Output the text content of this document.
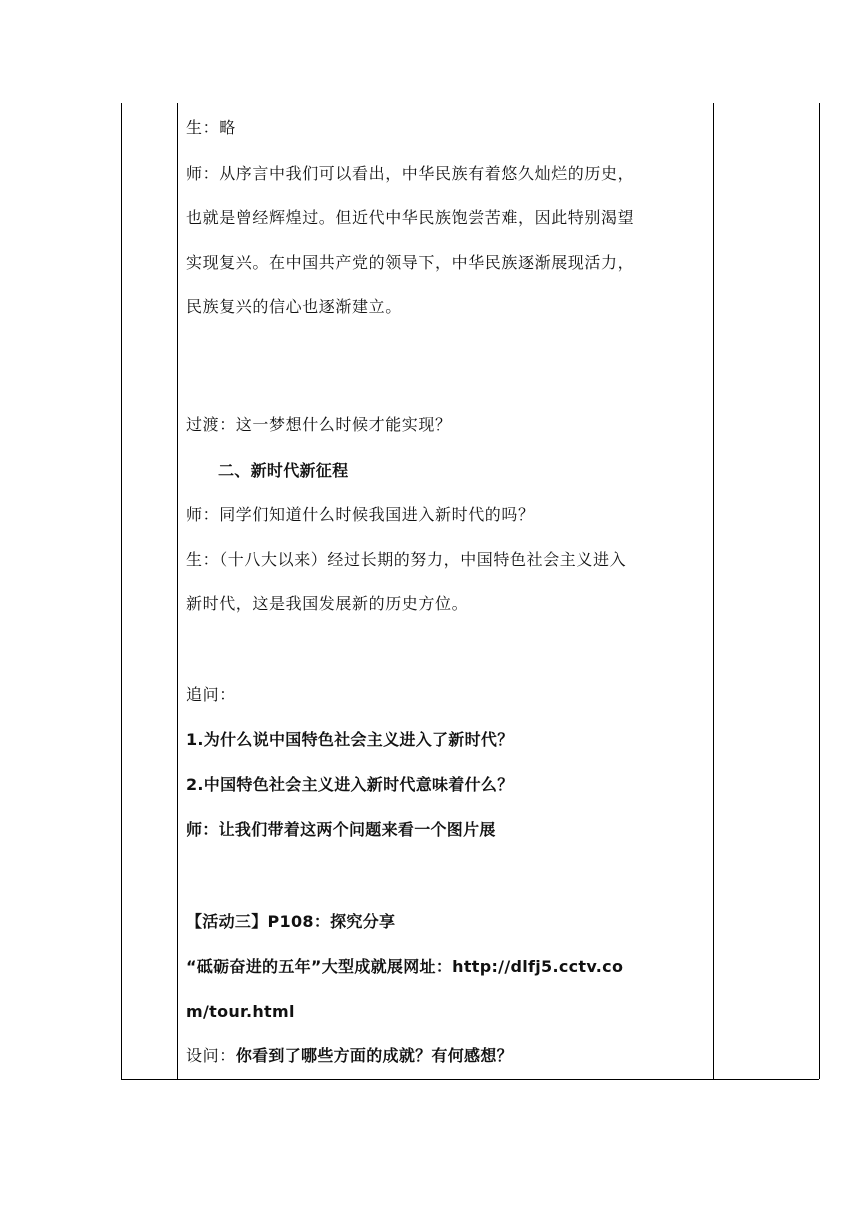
生：略
师：从序言中我们可以看出，中华民族有着悠久灿烂的历史，
也就是曾经辉煌过。但近代中华民族饱尝苦难，因此特别渴望
实现复兴。在中国共产党的领导下，中华民族逐渐展现活力，
民族复兴的信心也逐渐建立。
过渡：这一梦想什么时候才能实现？
二、新时代新征程
师：同学们知道什么时候我国进入新时代的吗？
生：（十八大以来）经过长期的努力，中国特色社会主义进入
新时代，这是我国发展新的历史方位。
追问：
1.为什么说中国特色社会主义进入了新时代？
2.中国特色社会主义进入新时代意味着什么？
师：让我们带着这两个问题来看一个图片展
【活动三】P108：探究分享
“砥砺奋进的五年”大型成就展网址：http://dlfj5.cctv.co
m/tour.html
设问：你看到了哪些方面的成就？有何感想？
